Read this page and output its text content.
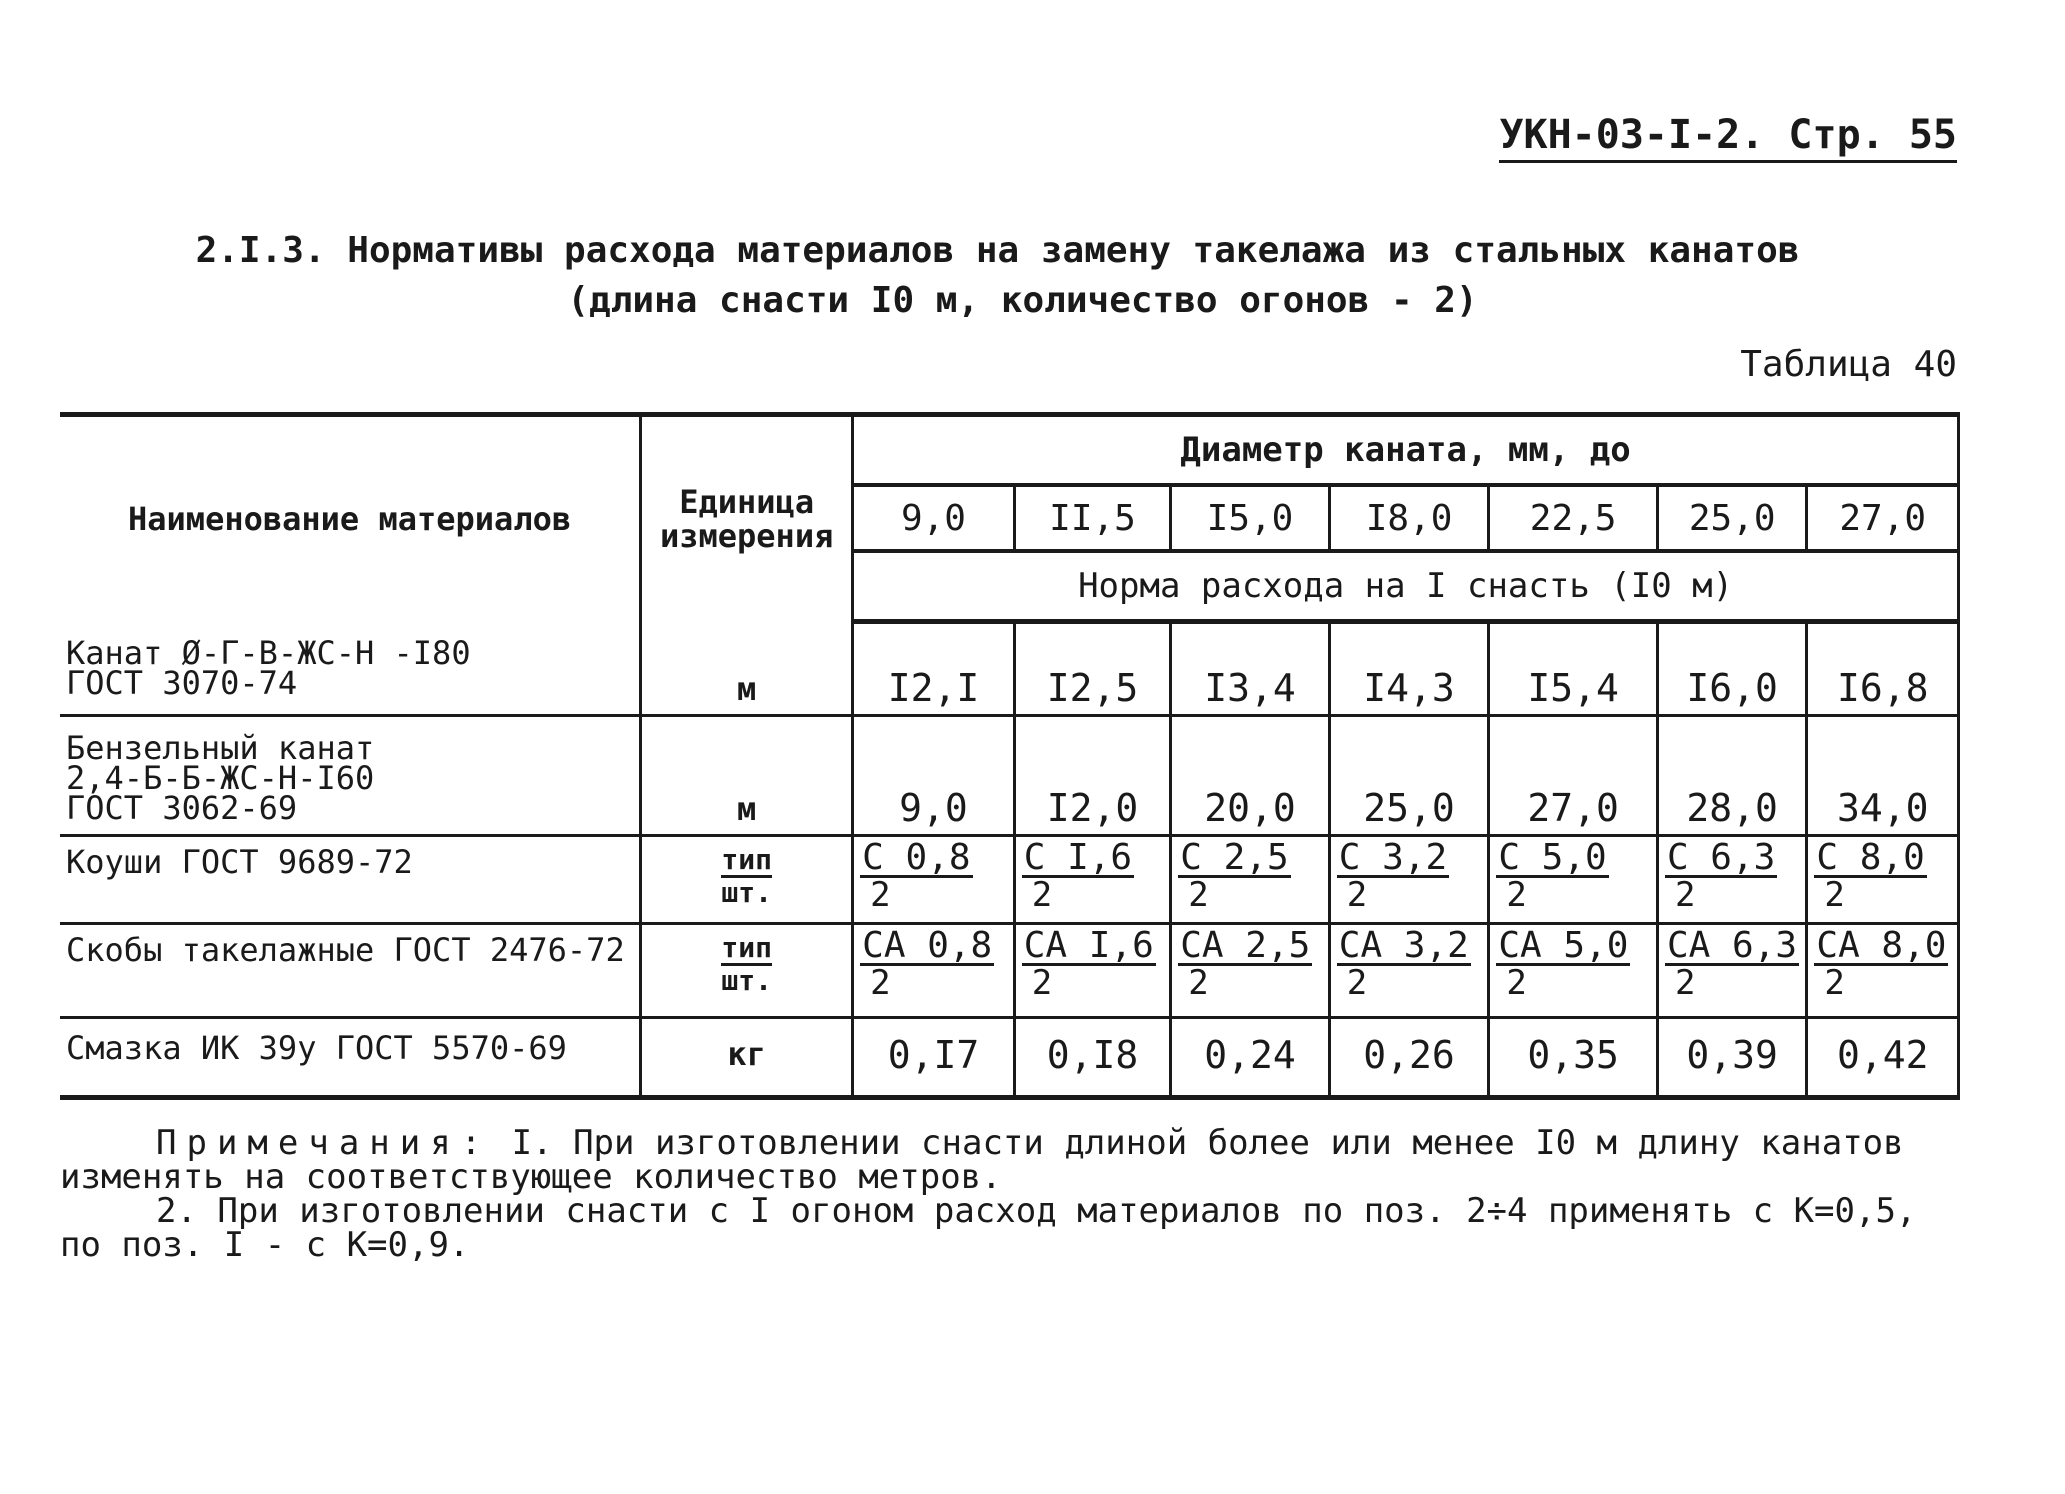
УКН-03-I-2. Стр. 55
2.I.3. Нормативы расхода материалов на замену такелажа из стальных канатов
(длина снасти I0 м, количество огонов - 2)
Таблица 40
Наименование материалов	Единица измерения	Диаметр каната, мм, до						
		9,0	II,5	I5,0	I8,0	22,5	25,0	27,0
		Норма расхода на I снасть (I0 м)						

Канат Ø-Г-В-ЖС-Н -I80
ГОСТ 3070-74	м	I2,I	I2,5	I3,4	I4,3	I5,4	I6,0	I6,8

Бензельный канат
2,4-Б-Б-ЖС-Н-I60
ГОСТ 3062-69	м	9,0	I2,0	20,0	25,0	27,0	28,0	34,0

Коуши ГОСТ 9689-72	тип
шт.	$\frac{С 0,8}{2}$	$\frac{\text{С I,6}}{2}$	$\frac{С 2,5}{2}$	$\frac{С 3,2}{2}$	$\frac{С 5,0}{2}$	$\frac{С 6,3}{2}$	$\frac{С 8,0}{2}$

Скобы такелажные ГОСТ 2476-72	тип
шт.	$\frac{СА 0,8}{2}$	$\frac{\text{СА I,6}}{2}$	$\frac{СА 2,5}{2}$	$\frac{СА 3,2}{2}$	$\frac{СА 5,0}{2}$	$\frac{СА 6,3}{2}$	$\frac{СА 8,0}{2}$

Смазка ИК 39у ГОСТ 5570-69	кг	0,I7	0,I8	0,24	0,26	0,35	0,39	0,42

Примечания: I. При изготовлении снасти длиной более или менее I0 м длину канатов

изменять на соответствующее количество метров.

2. При изготовлении снасти с I огоном расход материалов по поз. 2÷4 применять с К=0,5,

по поз. I - с К=0,9.
